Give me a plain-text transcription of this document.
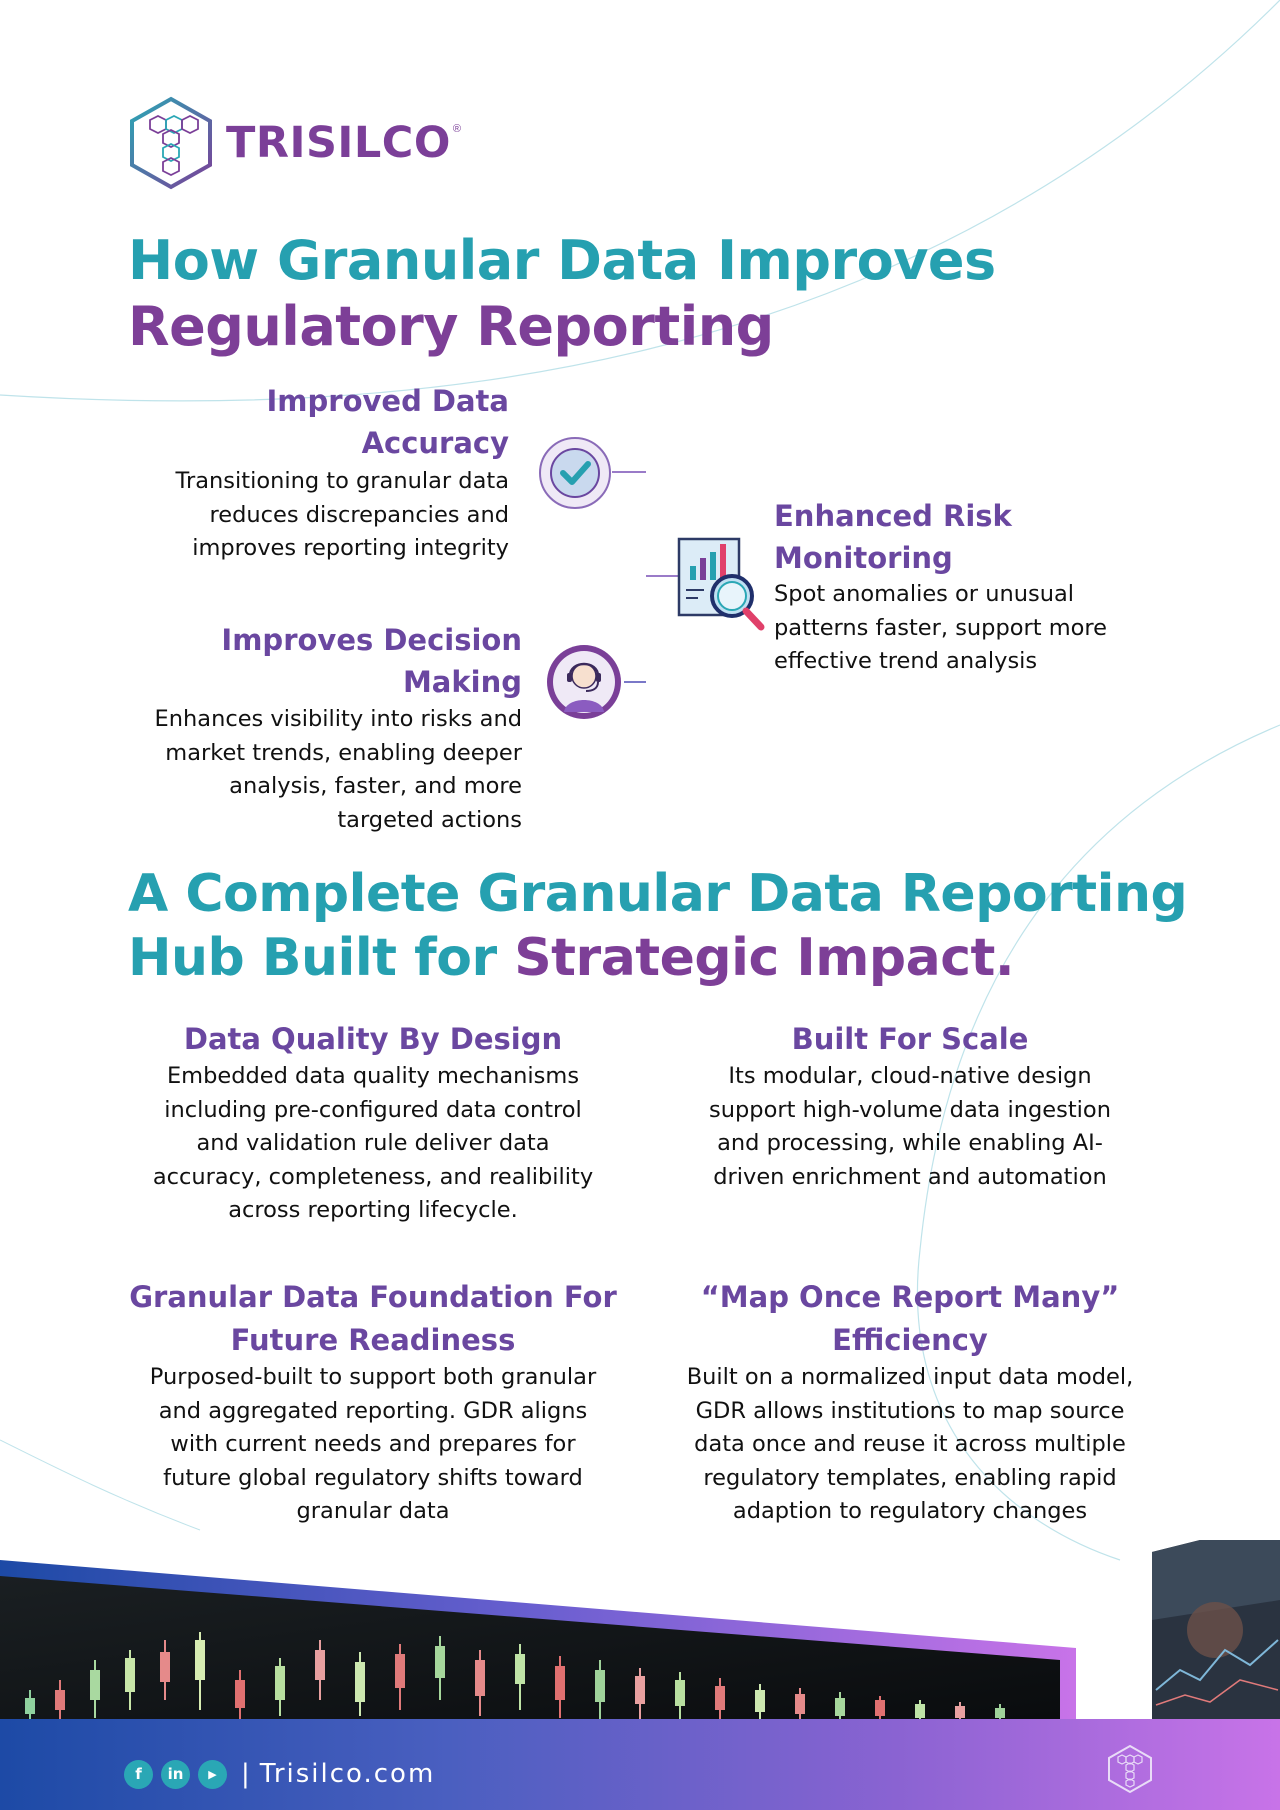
TRISILCO ®
How Granular Data Improves
Regulatory Reporting
Improved Data
Accuracy
Transitioning to granular data
reduces discrepancies and
improves reporting integrity
Improves Decision
Making
Enhances visibility into risks and
market trends, enabling deeper
analysis, faster, and more
targeted actions
Enhanced Risk
Monitoring
Spot anomalies or unusual
patterns faster, support more
effective trend analysis
A Complete Granular Data Reporting
Hub Built for Strategic Impact.
Data Quality By Design
Embedded data quality mechanisms
including pre-configured data control
and validation rule deliver data
accuracy, completeness, and realibility
across reporting lifecycle.
Built For Scale
Its modular, cloud-native design
support high-volume data ingestion
and processing, while enabling AI-
driven enrichment and automation
Granular Data Foundation For
Future Readiness
Purposed-built to support both granular
and aggregated reporting. GDR aligns
with current needs and prepares for
future global regulatory shifts toward
granular data
“Map Once Report Many”
Efficiency
Built on a normalized input data model,
GDR allows institutions to map source
data once and reuse it across multiple
regulatory templates, enabling rapid
adaption to regulatory changes
f	in	▶ | Trisilco.com
